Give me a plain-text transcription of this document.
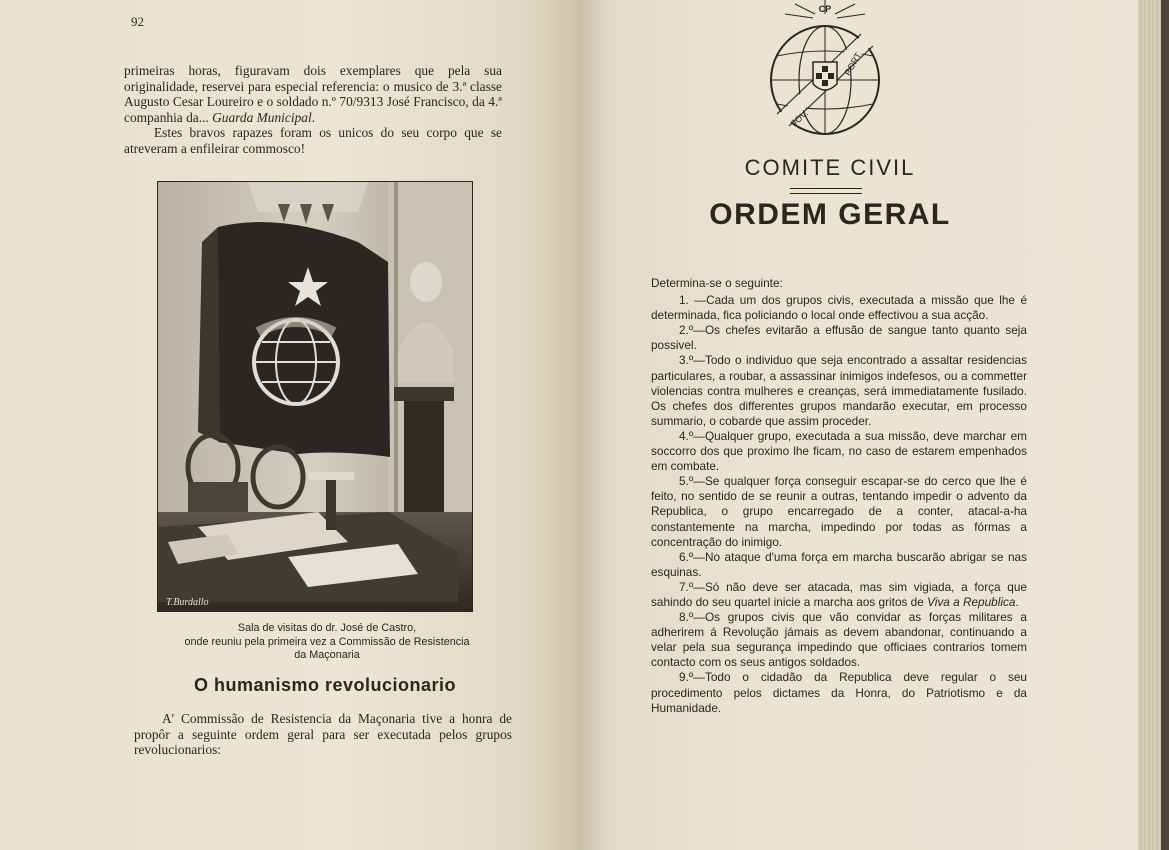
92

primeiras horas, figuravam dois exemplares que pela sua originalidade, reservei para especial referencia: o musico de 3.ª classe Augusto Cesar Loureiro e o soldado n.º 70/9313 José Francisco, da 4.ª companhia da... Guarda Municipal.

Estes bravos rapazes foram os unicos do seu corpo que se atreveram a enfileirar commosco!

T.Burdallo
Sala de visitas do dr. José de Castro,
onde reuniu pela primeira vez a Commissão de Resistencia
da Maçonaria
O humanismo revolucionario

A' Commissão de Resistencia da Maçonaria tive a honra de propôr a seguinte ordem geral para ser executada pelos grupos revolucionarios:

CP
JOV.
PORT.
COMITE CIVIL
ORDEM GERAL

Determina-se o seguinte:

1. —Cada um dos grupos civis, executada a missão que lhe é determinada, fica policiando o local onde effectivou a sua acção.

2.º—Os chefes evitarão a effusão de sangue tanto quanto seja possivel.

3.º—Todo o individuo que seja encontrado a assaltar residencias particulares, a roubar, a assassinar inimigos indefesos, ou a commetter violencias contra mulheres e creanças, será immediatamente fusilado. Os chefes dos differentes grupos mandarão executar, em processo summario, o cobarde que assim proceder.

4.º—Qualquer grupo, executada a sua missão, deve marchar em soccorro dos que proximo lhe ficam, no caso de estarem empenhados em combate.

5.º—Se qualquer força conseguir escapar-se do cerco que lhe é feito, no sentido de se reunir a outras, tentando impedir o advento da Republica, o grupo encarregado de a conter, atacal-a-ha constantemente na marcha, impedindo por todas as fórmas a concentração do inimigo.

6.º—No ataque d'uma força em marcha buscarão abrigar se nas esquinas.

7.º—Só não deve ser atacada, mas sim vigiada, a força que sahindo do seu quartel inicie a marcha aos gritos de Viva a Republica.

8.º—Os grupos civis que vão convidar as forças militares a adherirem á Revolução jámais as devem abandonar, continuando a velar pela sua segurança impedindo que officiaes contrarios tomem contacto com os seus antigos soldados.

9.º—Todo o cidadão da Republica deve regular o seu procedimento pelos dictames da Honra, do Patriotismo e da Humanidade.
